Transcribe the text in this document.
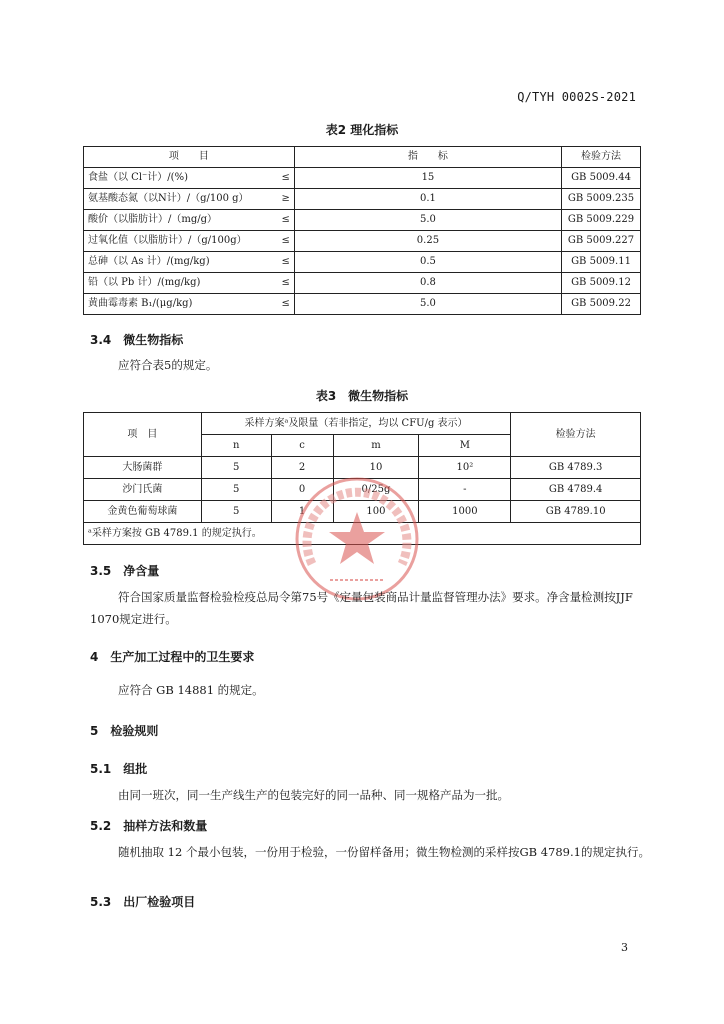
Q/TYH 0002S-2021
表2 理化指标
项　　目	指　　标	检验方法

食盐（以 Cl⁻计）/(%) ≤	15	GB 5009.44

氨基酸态氮（以N计）/（g/100 g） ≥	0.1	GB 5009.235

酸价（以脂肪计）/（mg/g） ≤	5.0	GB 5009.229

过氧化值（以脂肪计）/（g/100g） ≤	0.25	GB 5009.227

总砷（以 As 计）/(mg/kg) ≤	0.5	GB 5009.11

铅（以 Pb 计）/(mg/kg) ≤	0.8	GB 5009.12

黄曲霉毒素 B₁/(μg/kg) ≤	5.0	GB 5009.22
3.4　微生物指标
应符合表5的规定。
表3　微生物指标
项　目	采样方案ᵃ及限量（若非指定，均以 CFU/g 表示）				检验方法
	n	c	m	M	
大肠菌群	5	2	10	10²	GB 4789.3
沙门氏菌	5	0	0/25g	-	GB 4789.4
金黄色葡萄球菌	5	1	100	1000	GB 4789.10
ᵃ采样方案按 GB 4789.1 的规定执行。					
3.5　净含量
符合国家质量监督检验检疫总局令第75号《定量包装商品计量监督管理办法》要求。净含量检测按JJF 1070规定进行。
4　生产加工过程中的卫生要求
应符合 GB 14881 的规定。
5　检验规则
5.1　组批
由同一班次，同一生产线生产的包装完好的同一品种、同一规格产品为一批。
5.2　抽样方法和数量
随机抽取 12 个最小包装，一份用于检验，一份留样备用；微生物检测的采样按GB 4789.1的规定执行。
5.3　出厂检验项目
3
